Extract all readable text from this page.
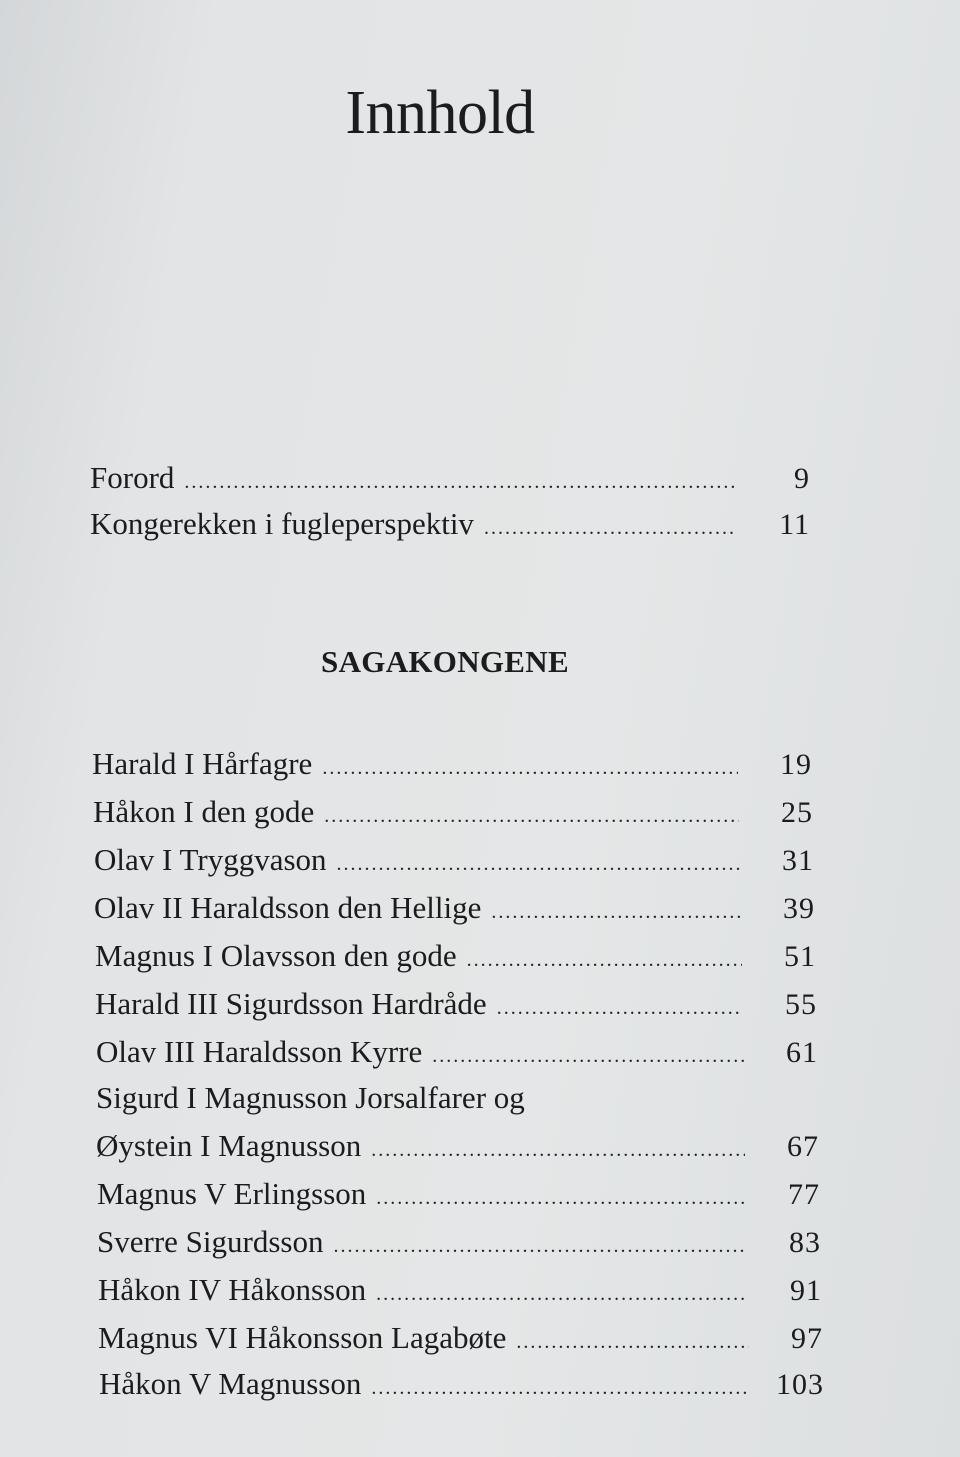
Innhold
Forord .....	9
Kongerekken i fugleperspektiv .....	11
SAGAKONGENE
Harald I Hårfagre .....	19
Håkon I den gode .....	25
Olav I Tryggvason .....	31
Olav II Haraldsson den Hellige .....	39
Magnus I Olavsson den gode .....	51
Harald III Sigurdsson Hardråde .....	55
Olav III Haraldsson Kyrre .....	61
Sigurd I Magnusson Jorsalfarer og
Øystein I Magnusson .....	67
Magnus V Erlingsson .....	77
Sverre Sigurdsson .....	83
Håkon IV Håkonsson .....	91
Magnus VI Håkonsson Lagabøte .....	97
Håkon V Magnusson .....	103
